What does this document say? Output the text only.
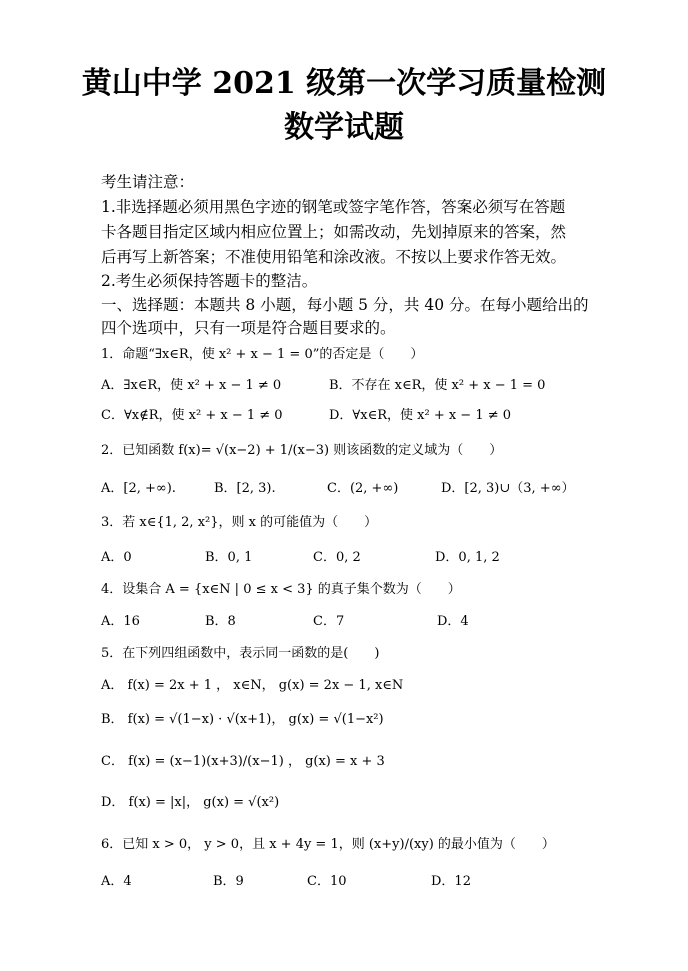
黄山中学 2021 级第一次学习质量检测
数学试题
考生请注意：
1.非选择题必须用黑色字迹的钢笔或签字笔作答，答案必须写在答题
卡各题目指定区域内相应位置上；如需改动，先划掉原来的答案，然
后再写上新答案；不准使用铅笔和涂改液。不按以上要求作答无效。
2.考生必须保持答题卡的整洁。
一、选择题：本题共 8 小题，每小题 5 分，共 40 分。在每小题给出的
四个选项中，只有一项是符合题目要求的。
1．命题“∃x∈R，使 x² + x − 1 = 0”的否定是（　　）
A．∃x∈R，使 x² + x − 1 ≠ 0	B．不存在 x∈R，使 x² + x − 1 = 0
C．∀x∉R，使 x² + x − 1 ≠ 0	D．∀x∈R，使 x² + x − 1 ≠ 0
2．已知函数 f(x)= √(x−2) + 1/(x−3) 则该函数的定义域为（　　）
A．[2, +∞).	B．[2, 3).	C．(2, +∞)	D．[2, 3)∪（3, +∞）
3．若 x∈{1, 2, x²}，则 x 的可能值为（　　）
A．0	B．0, 1	C．0, 2	D．0, 1, 2
4．设集合 A = {x∈N | 0 ≤ x < 3} 的真子集个数为（　　）
A．16	B．8	C．7	D．4
5．在下列四组函数中，表示同一函数的是(　　)
A． f(x) = 2x + 1 ， x∈N， g(x) = 2x − 1, x∈N
B． f(x) = √(1−x) · √(x+1)， g(x) = √(1−x²)
C． f(x) = (x−1)(x+3)/(x−1) ， g(x) = x + 3
D． f(x) = |x|， g(x) = √(x²)
6．已知 x > 0， y > 0，且 x + 4y = 1，则 (x+y)/(xy) 的最小值为（　　）
A．4	B．9	C．10	D．12
